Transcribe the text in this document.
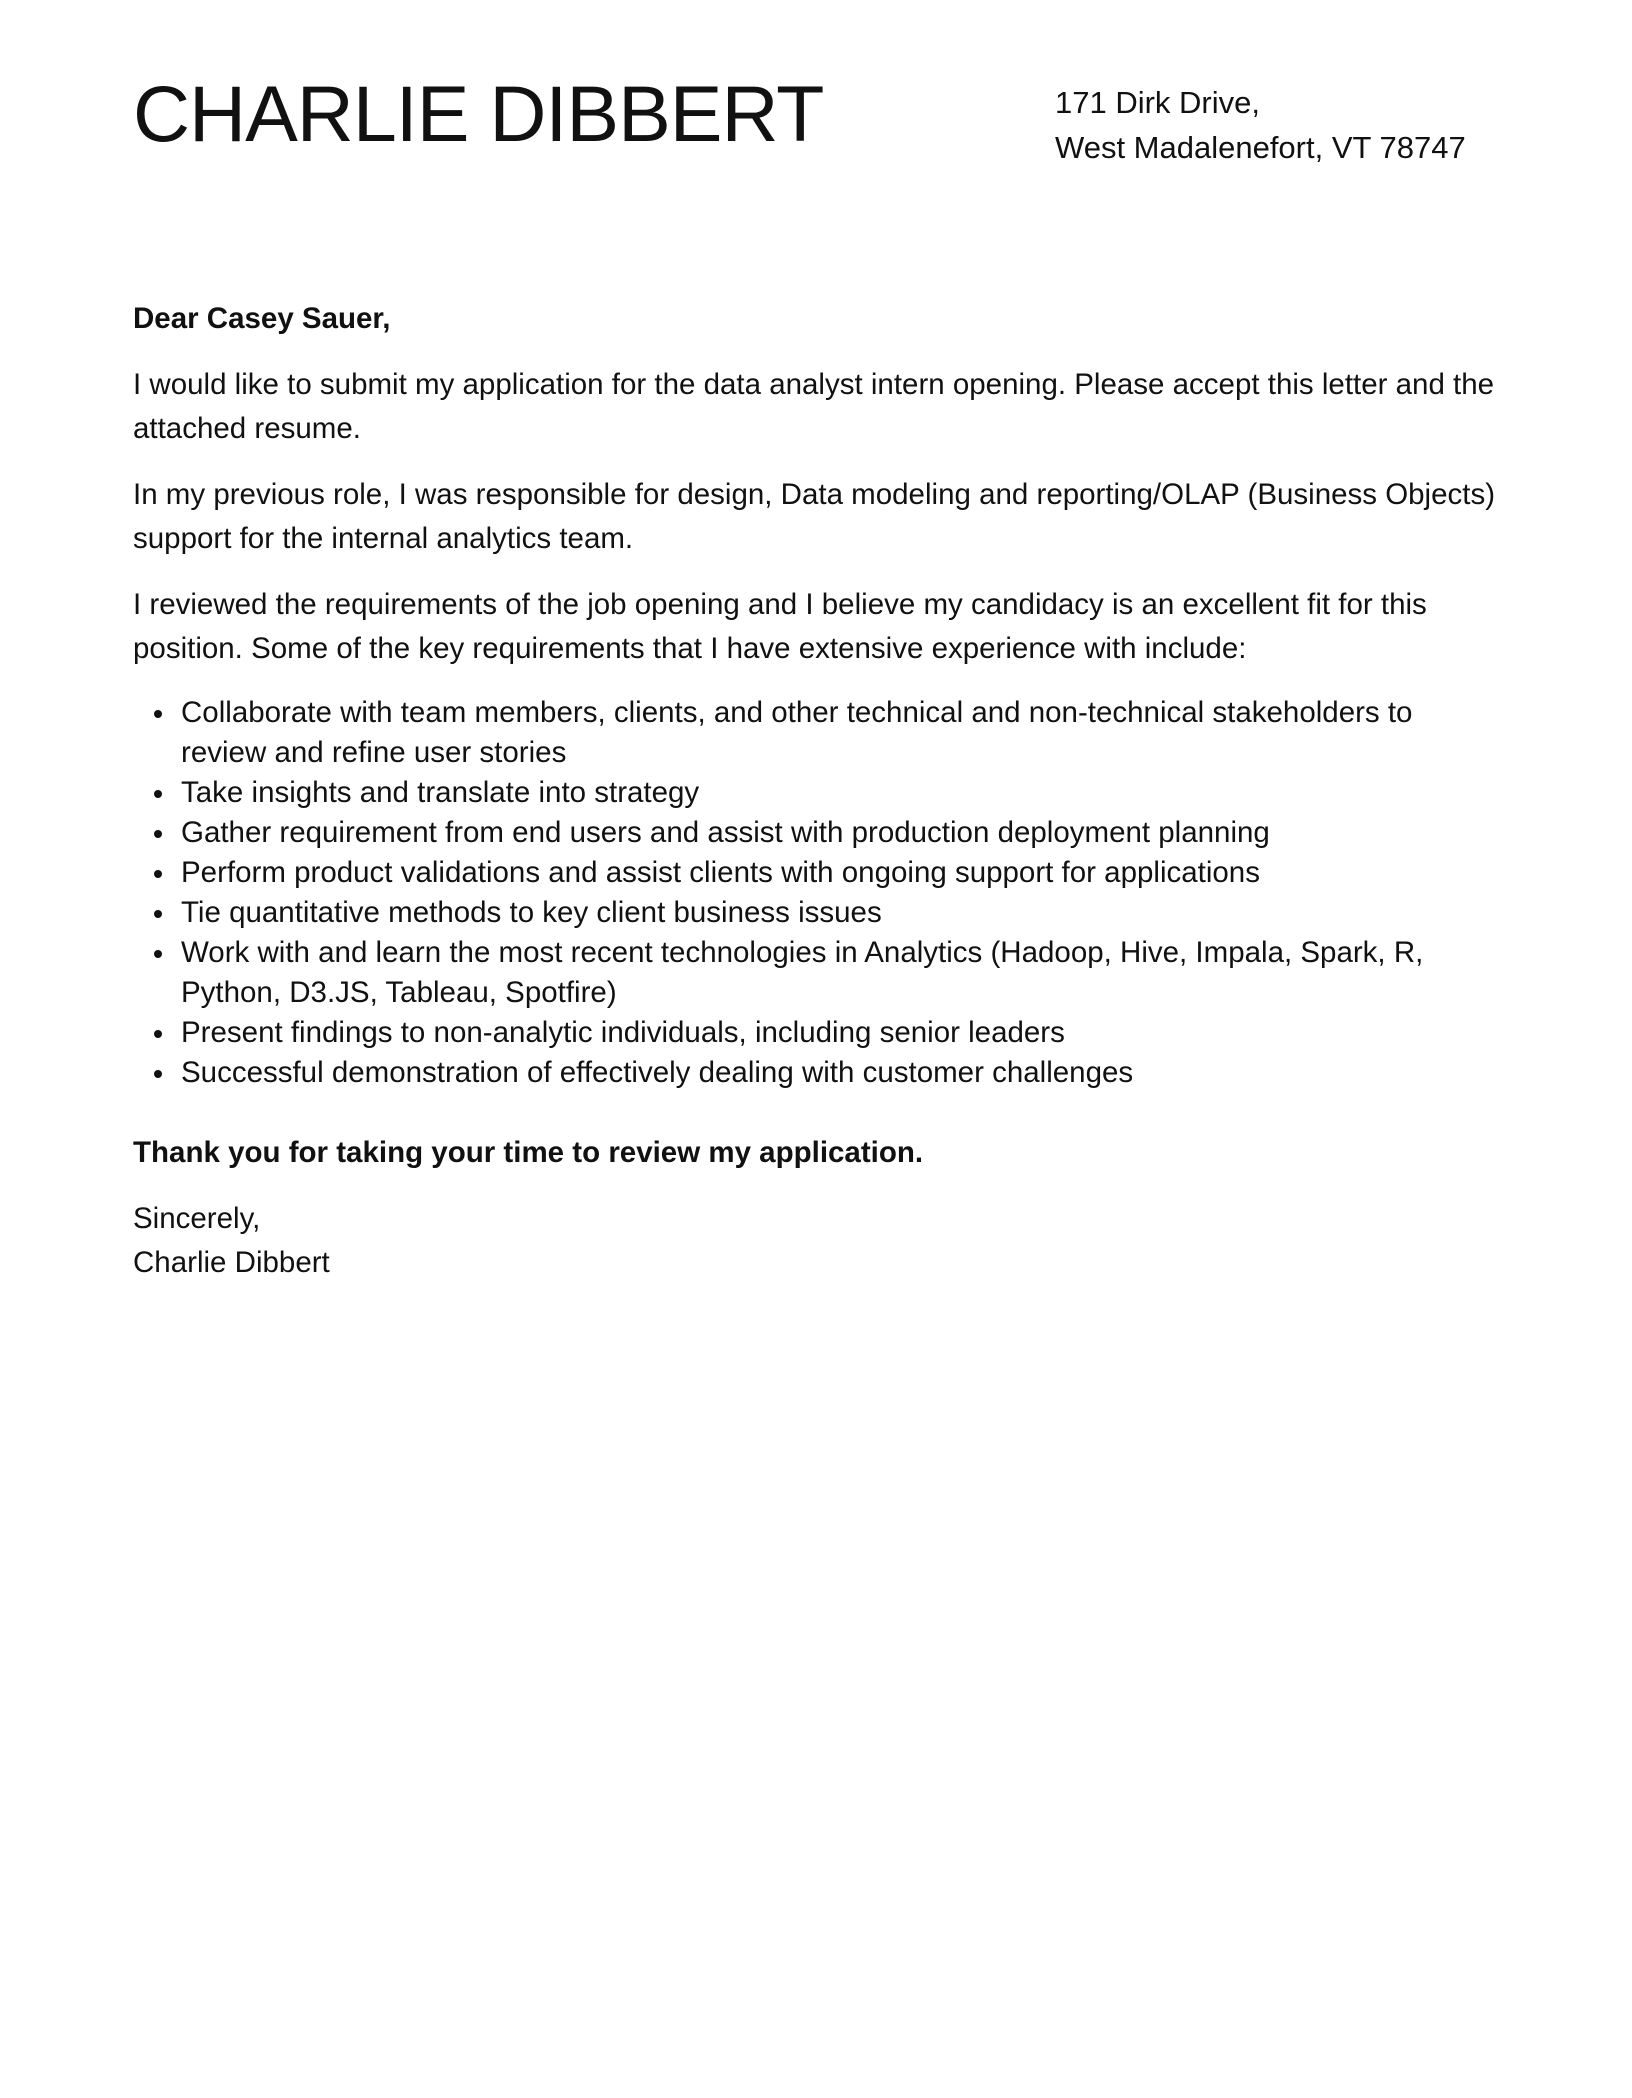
CHARLIE DIBBERT	171 Dirk Drive,
West Madalenefort, VT 78747

Dear Casey Sauer,

I would like to submit my application for the data analyst intern opening. Please accept this letter and the attached resume.

In my previous role, I was responsible for design, Data modeling and reporting/OLAP (Business Objects) support for the internal analytics team.

I reviewed the requirements of the job opening and I believe my candidacy is an excellent fit for this position. Some of the key requirements that I have extensive experience with include:

Collaborate with team members, clients, and other technical and non-technical stakeholders to review and refine user stories
Take insights and translate into strategy
Gather requirement from end users and assist with production deployment planning
Perform product validations and assist clients with ongoing support for applications
Tie quantitative methods to key client business issues
Work with and learn the most recent technologies in Analytics (Hadoop, Hive, Impala, Spark, R, Python, D3.JS, Tableau, Spotfire)
Present findings to non-analytic individuals, including senior leaders
Successful demonstration of effectively dealing with customer challenges

Thank you for taking your time to review my application.

Sincerely,
Charlie Dibbert
